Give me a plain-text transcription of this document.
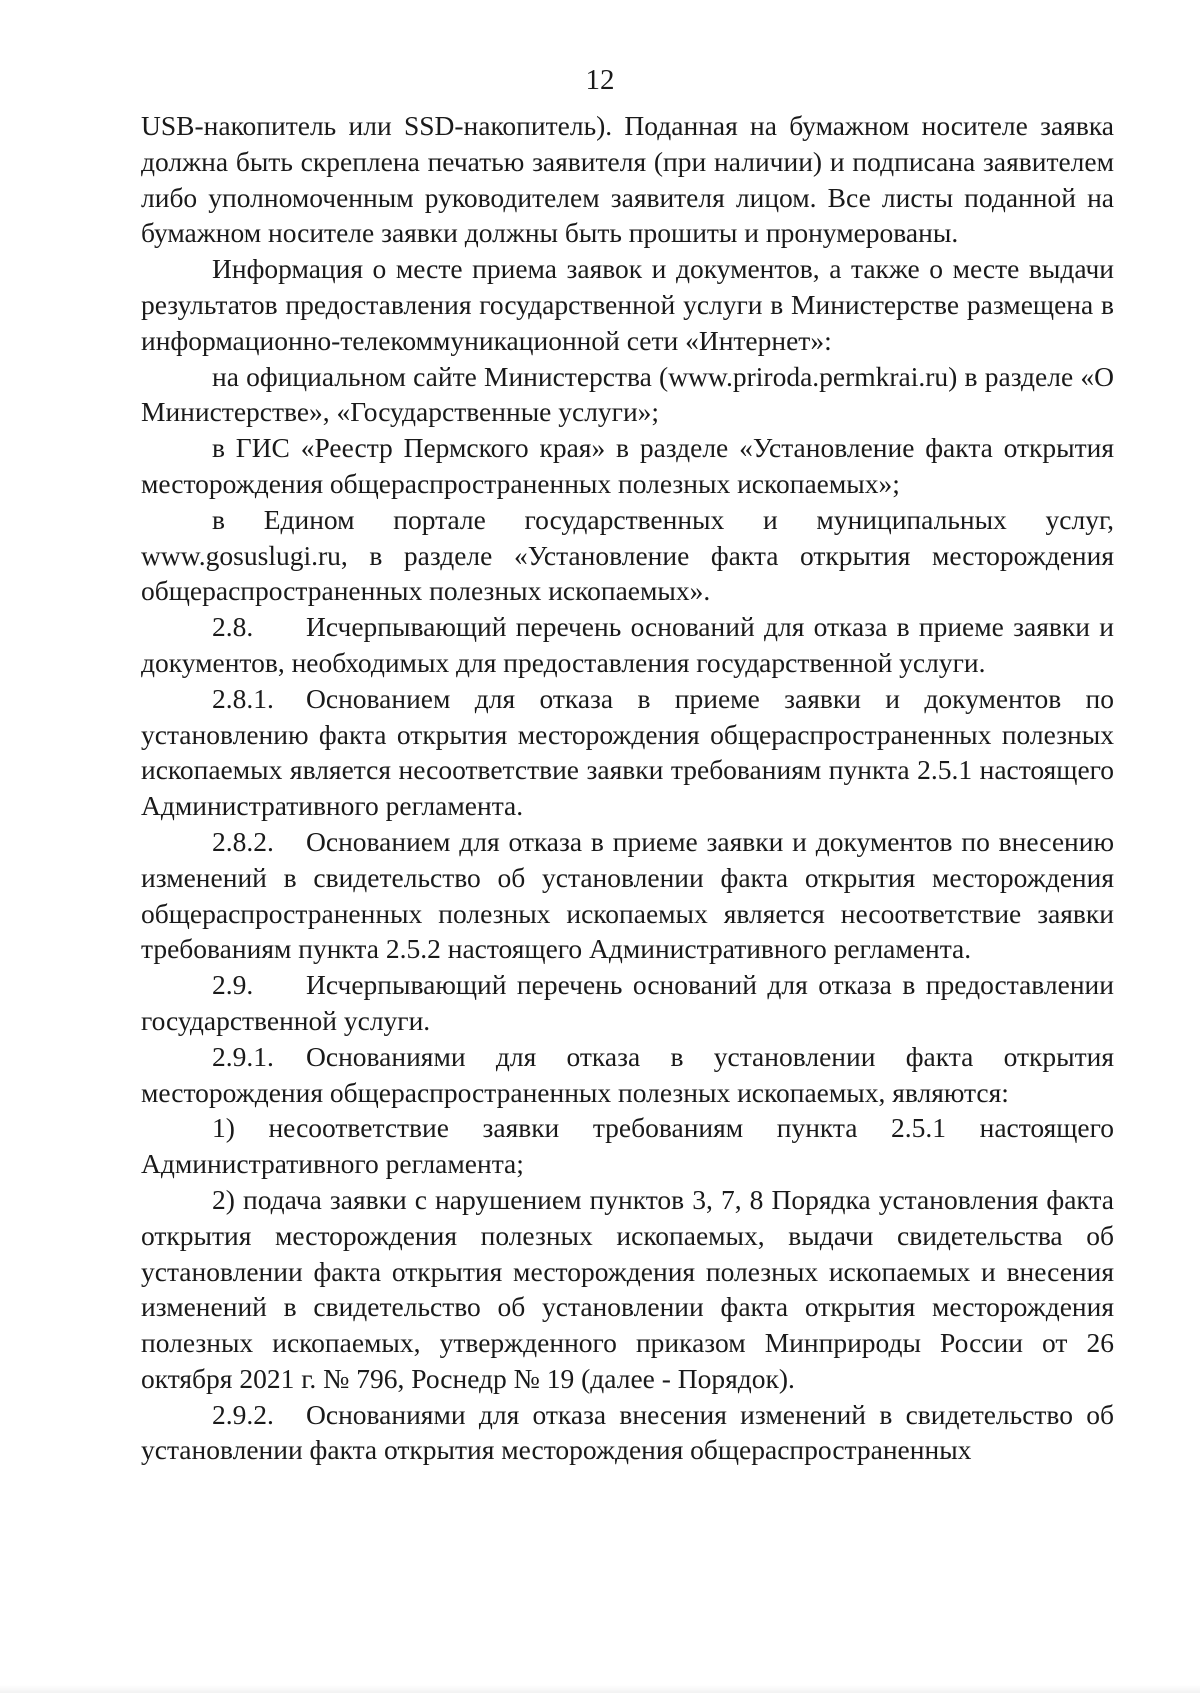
12

USB-накопитель или SSD-накопитель). Поданная на бумажном носителе заявка должна быть скреплена печатью заявителя (при наличии) и подписана заявителем либо уполномоченным руководителем заявителя лицом. Все листы поданной на бумажном носителе заявки должны быть прошиты и пронумерованы.

Информация о месте приема заявок и документов, а также о месте выдачи результатов предоставления государственной услуги в Министерстве размещена в информационно-телекоммуникационной сети «Интернет»:

на официальном сайте Министерства (www.priroda.permkrai.ru) в разделе «О Министерстве», «Государственные услуги»;

в ГИС «Реестр Пермского края» в разделе «Установление факта открытия месторождения общераспространенных полезных ископаемых»;

в Едином портале государственных и муниципальных услуг, www.gosuslugi.ru, в разделе «Установление факта открытия месторождения общераспространенных полезных ископаемых».

2.8. Исчерпывающий перечень оснований для отказа в приеме заявки и документов, необходимых для предоставления государственной услуги.

2.8.1. Основанием для отказа в приеме заявки и документов по установлению факта открытия месторождения общераспространенных полезных ископаемых является несоответствие заявки требованиям пункта 2.5.1 настоящего Административного регламента.

2.8.2. Основанием для отказа в приеме заявки и документов по внесению изменений в свидетельство об установлении факта открытия месторождения общераспространенных полезных ископаемых является несоответствие заявки требованиям пункта 2.5.2 настоящего Административного регламента.

2.9. Исчерпывающий перечень оснований для отказа в предоставлении государственной услуги.

2.9.1. Основаниями для отказа в установлении факта открытия месторождения общераспространенных полезных ископаемых, являются:

1) несоответствие заявки требованиям пункта 2.5.1 настоящего Административного регламента;

2) подача заявки с нарушением пунктов 3, 7, 8 Порядка установления факта открытия месторождения полезных ископаемых, выдачи свидетельства об установлении факта открытия месторождения полезных ископаемых и внесения изменений в свидетельство об установлении факта открытия месторождения полезных ископаемых, утвержденного приказом Минприроды России от 26 октября 2021 г. № 796, Роснедр № 19 (далее - Порядок).

2.9.2. Основаниями для отказа внесения изменений в свидетельство об установлении факта открытия месторождения общераспространенных
